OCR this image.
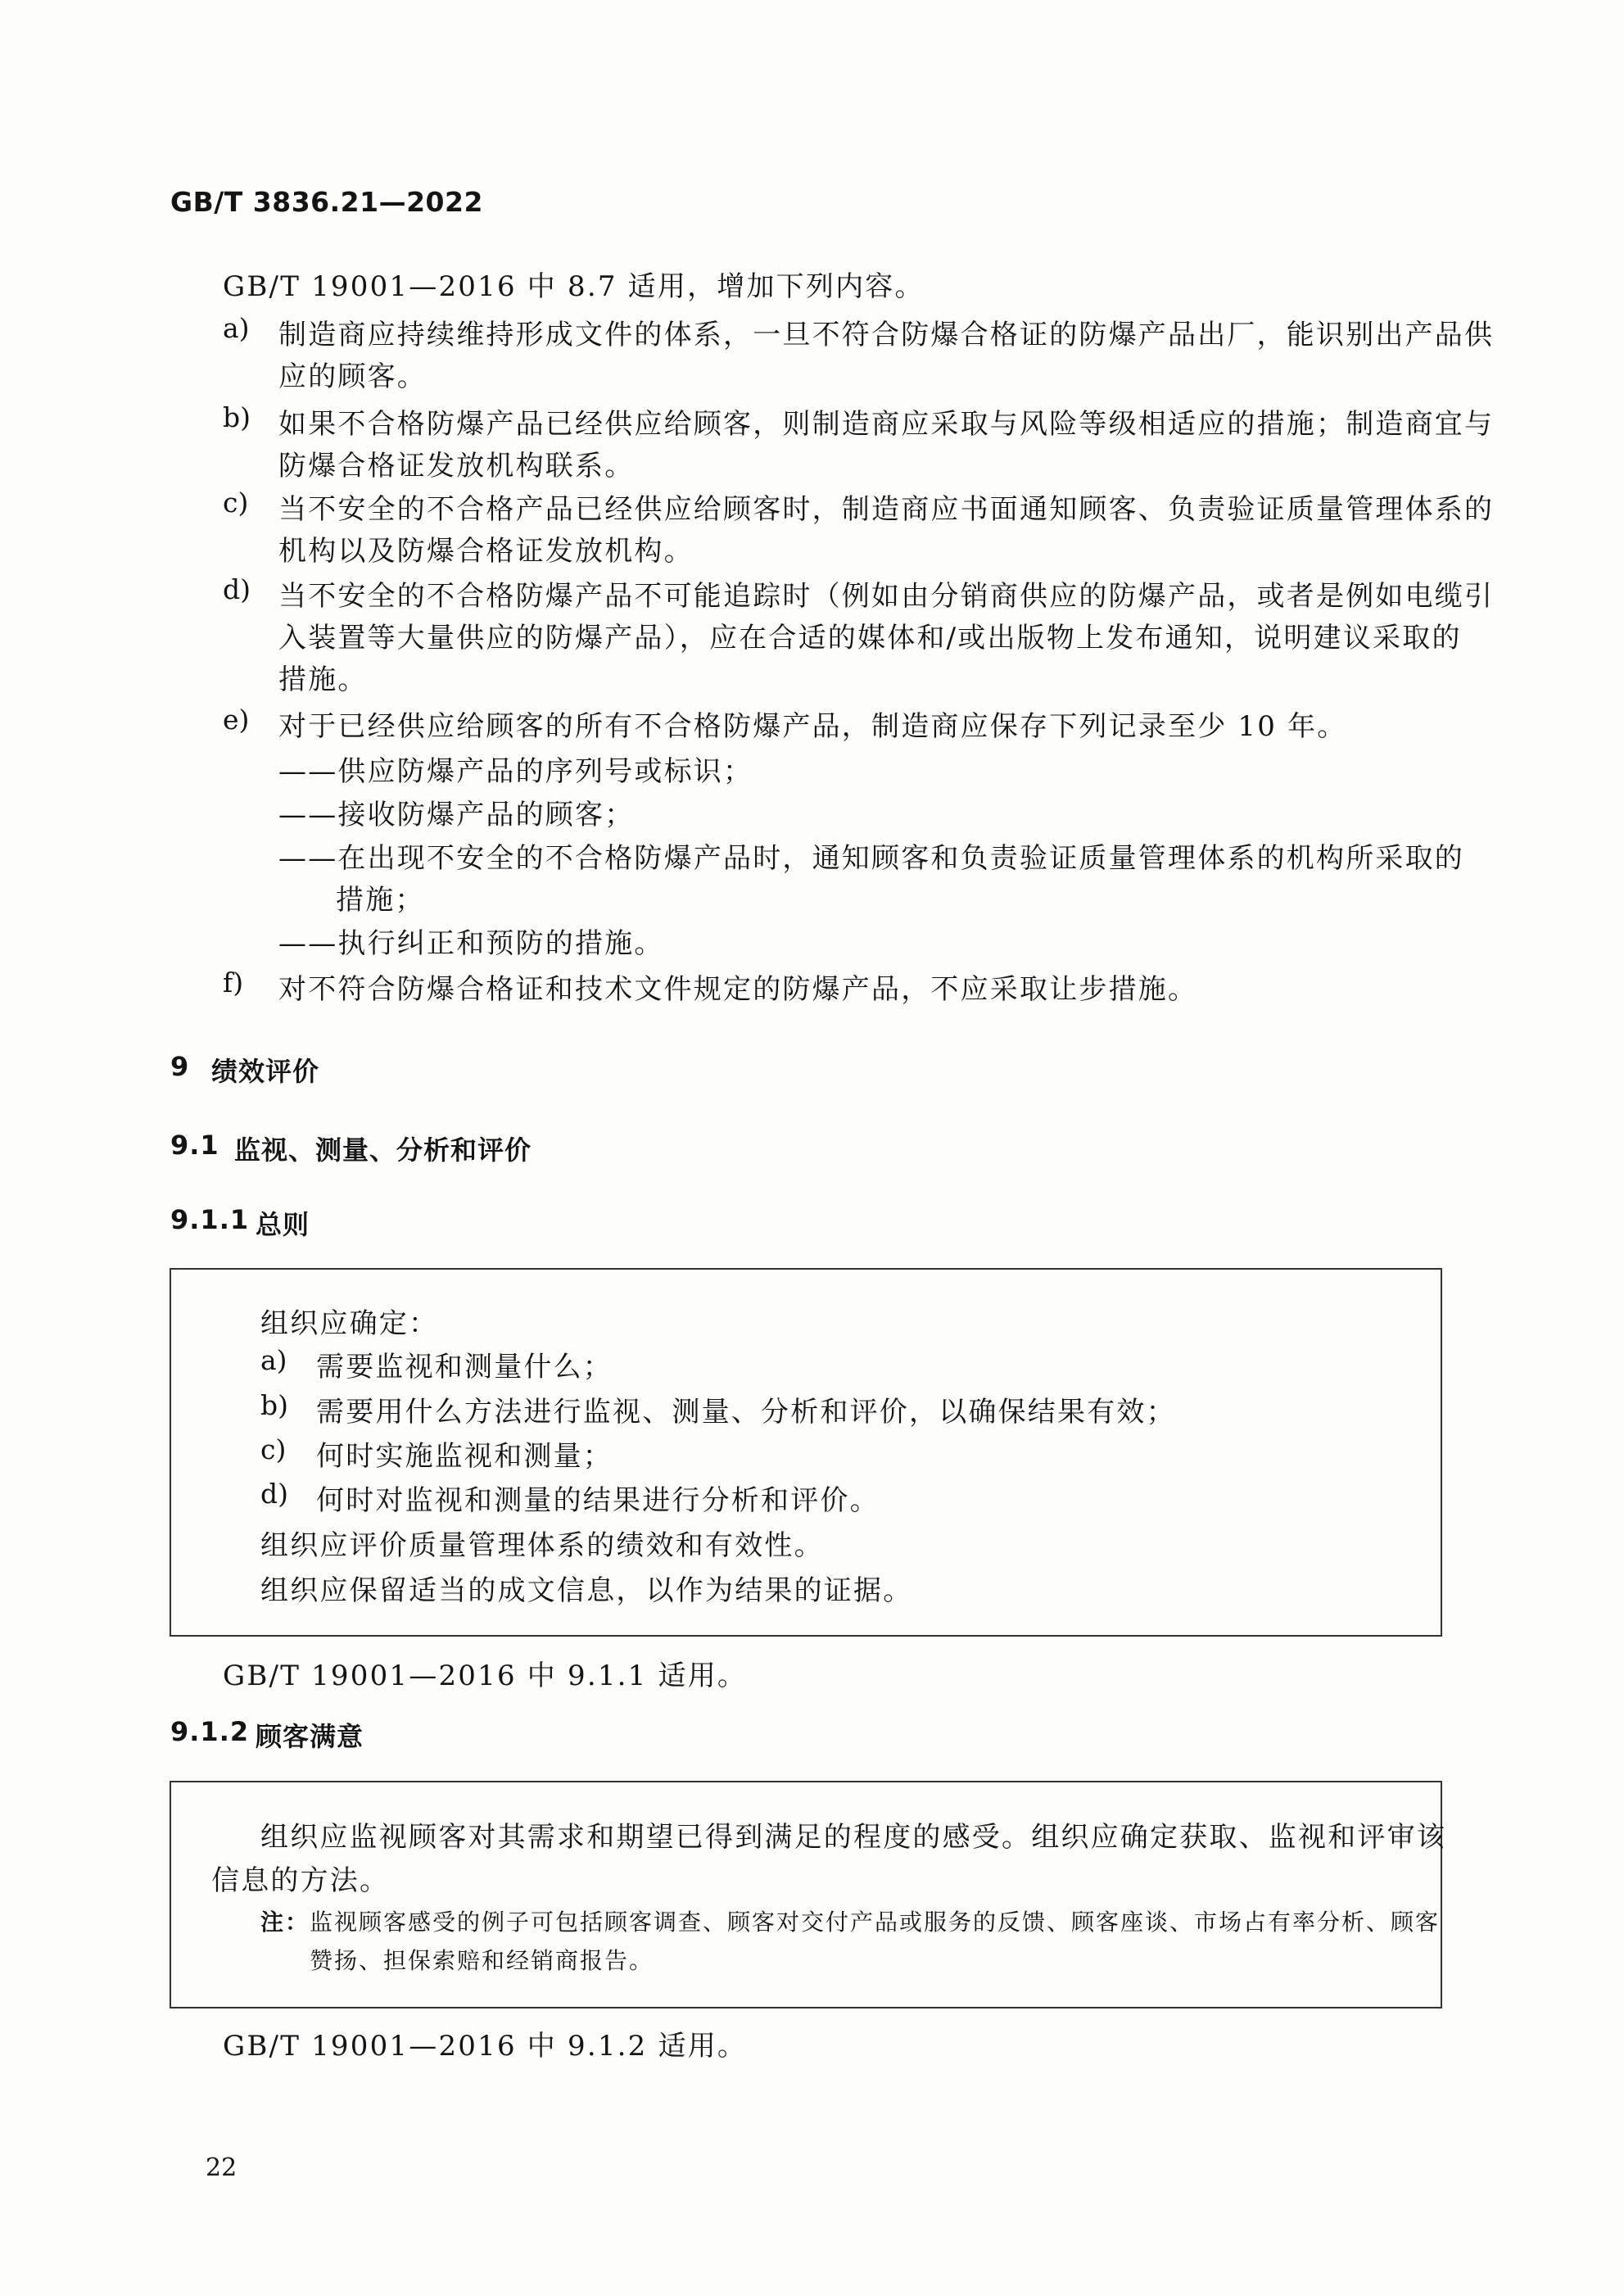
GB/T 3836.21—2022
GB/T 19001—2016 中 8.7 适用，增加下列内容。
a) 制造商应持续维持形成文件的体系，一旦不符合防爆合格证的防爆产品出厂，能识别出产品供
应的顾客。
b) 如果不合格防爆产品已经供应给顾客，则制造商应采取与风险等级相适应的措施；制造商宜与
防爆合格证发放机构联系。
c) 当不安全的不合格产品已经供应给顾客时，制造商应书面通知顾客、负责验证质量管理体系的
机构以及防爆合格证发放机构。
d) 当不安全的不合格防爆产品不可能追踪时（例如由分销商供应的防爆产品，或者是例如电缆引
入装置等大量供应的防爆产品），应在合适的媒体和/或出版物上发布通知，说明建议采取的
措施。
e) 对于已经供应给顾客的所有不合格防爆产品，制造商应保存下列记录至少 10 年。
——供应防爆产品的序列号或标识；
——接收防爆产品的顾客；
——在出现不安全的不合格防爆产品时，通知顾客和负责验证质量管理体系的机构所采取的
措施；
——执行纠正和预防的措施。
f) 对不符合防爆合格证和技术文件规定的防爆产品，不应采取让步措施。
9 绩效评价
9.1 监视、测量、分析和评价
9.1.1 总则
组织应确定：
a) 需要监视和测量什么；
b) 需要用什么方法进行监视、测量、分析和评价，以确保结果有效；
c) 何时实施监视和测量；
d) 何时对监视和测量的结果进行分析和评价。
组织应评价质量管理体系的绩效和有效性。
组织应保留适当的成文信息，以作为结果的证据。
GB/T 19001—2016 中 9.1.1 适用。
9.1.2 顾客满意
组织应监视顾客对其需求和期望已得到满足的程度的感受。组织应确定获取、监视和评审该
信息的方法。
注： 监视顾客感受的例子可包括顾客调查、顾客对交付产品或服务的反馈、顾客座谈、市场占有率分析、顾客
赞扬、担保索赔和经销商报告。
GB/T 19001—2016 中 9.1.2 适用。
22
